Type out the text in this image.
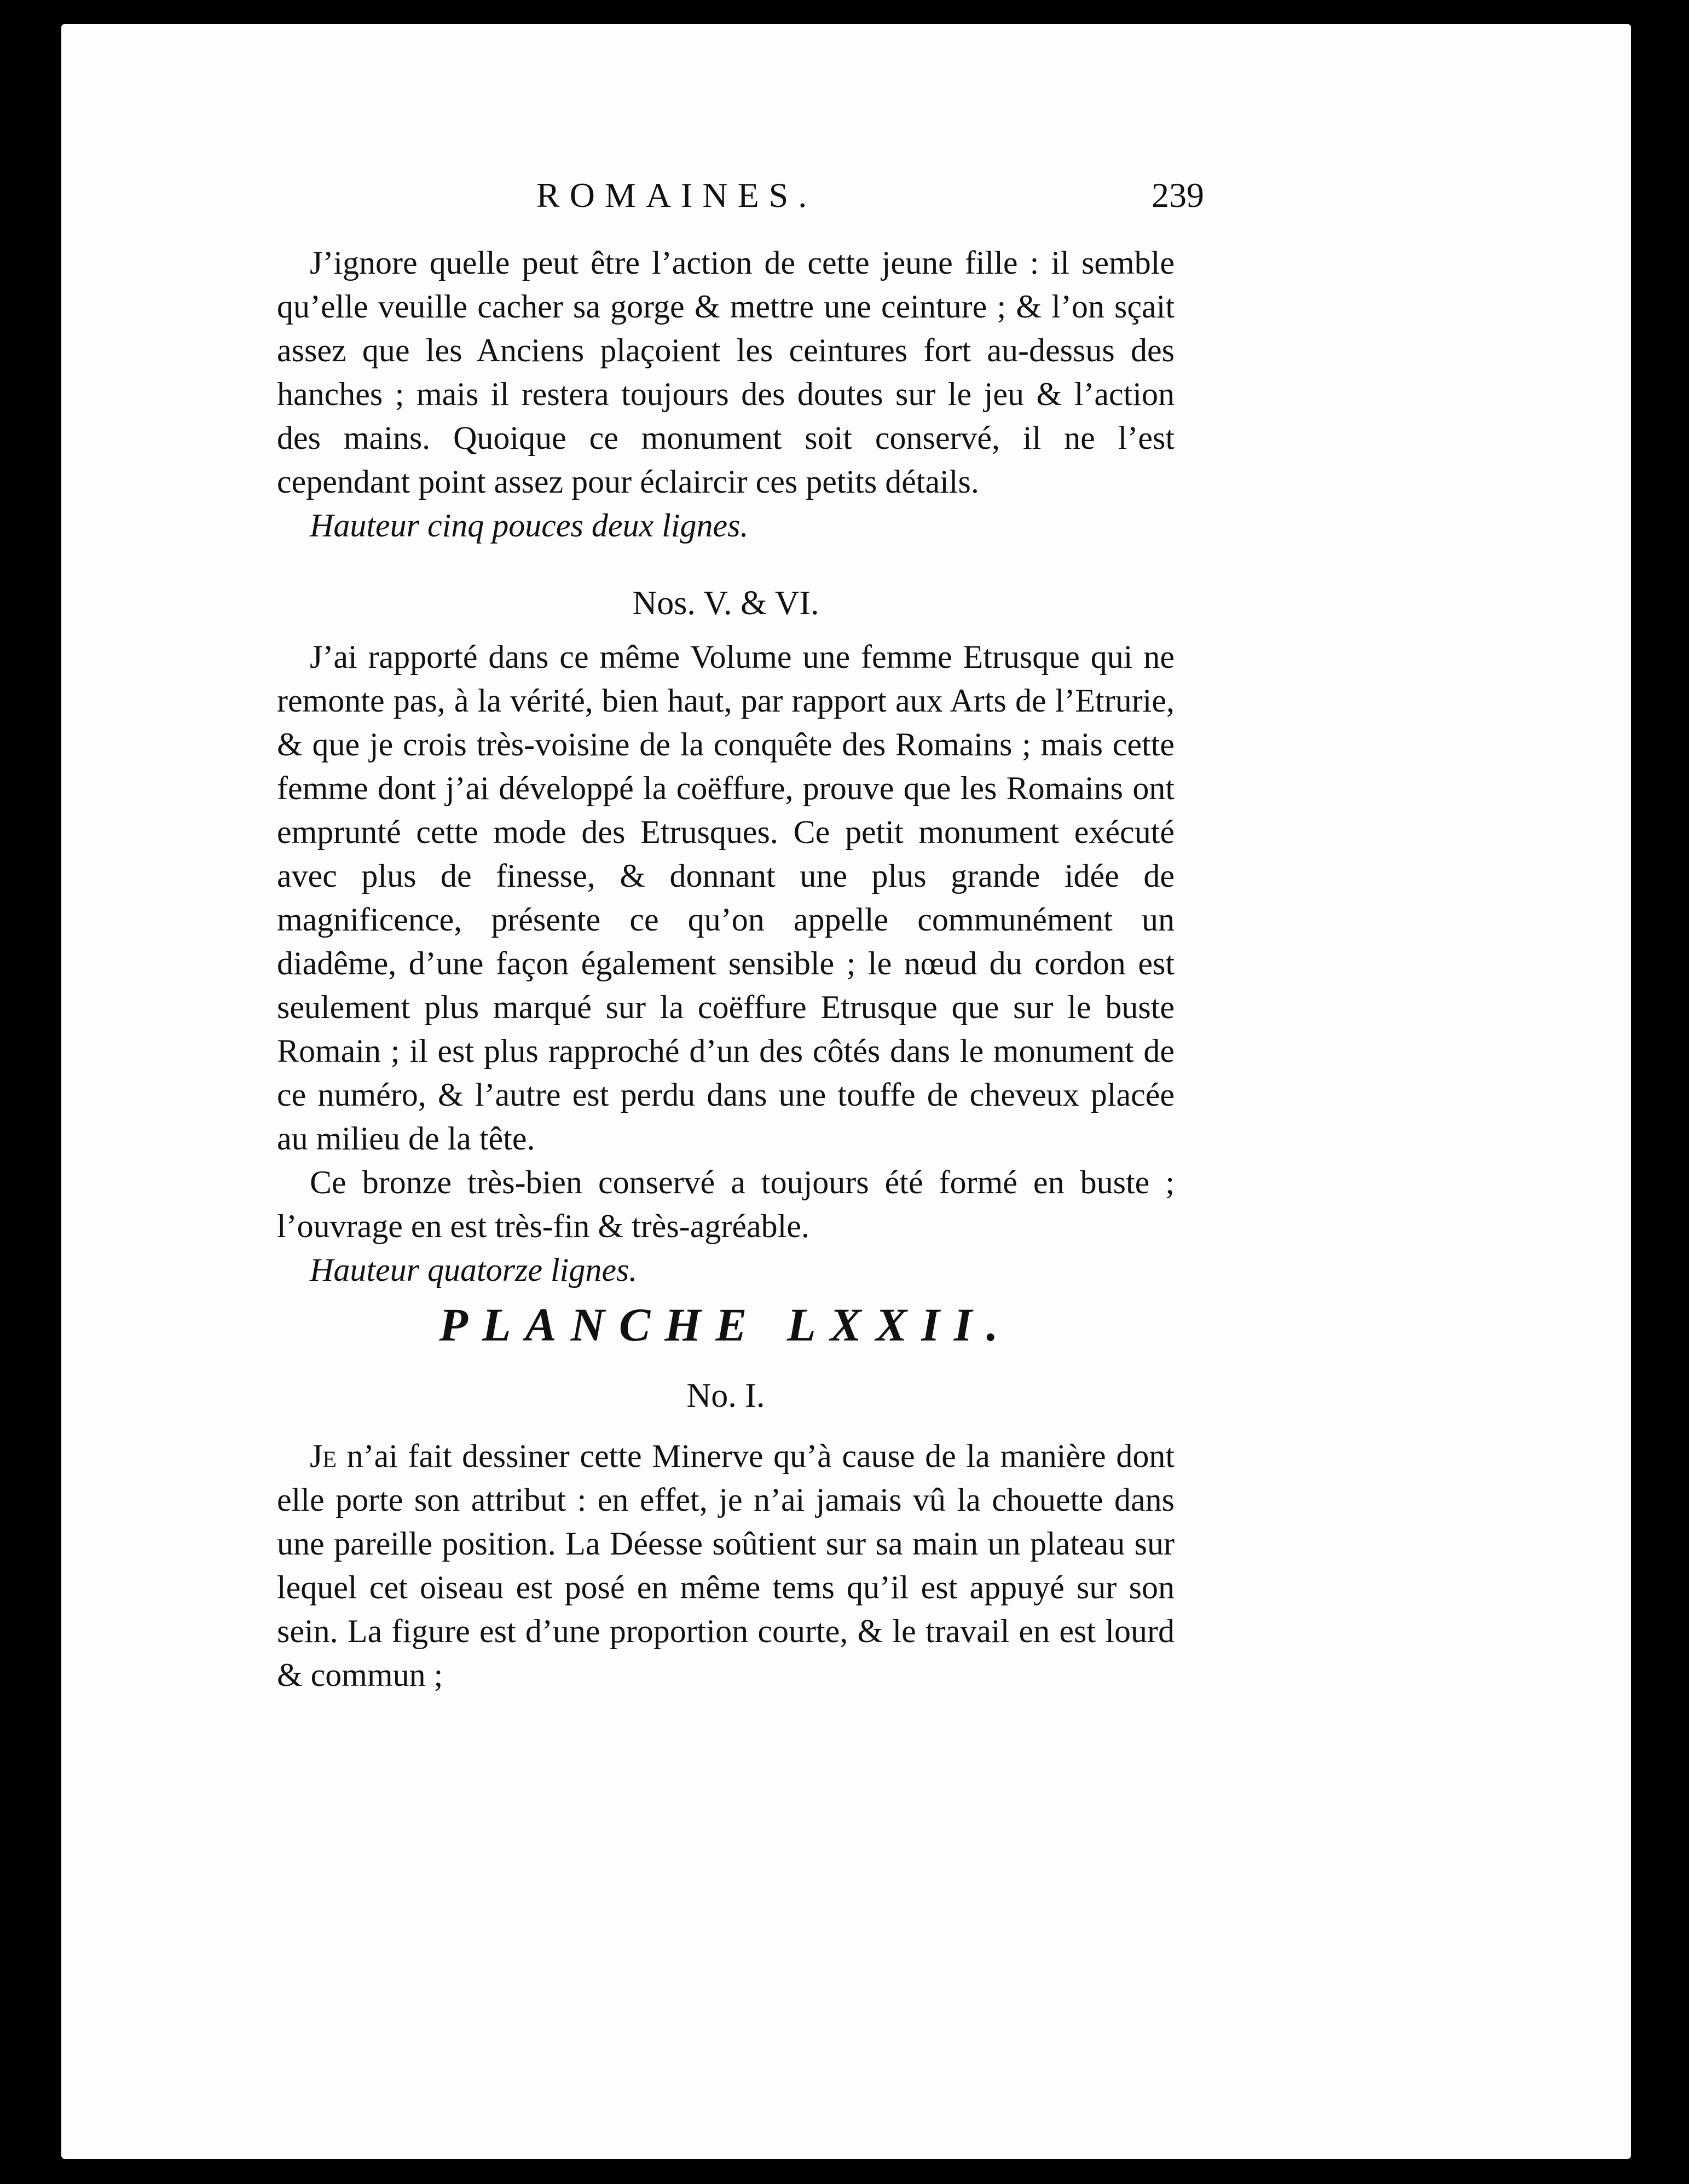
ROMAINES.	239

J’ignore quelle peut être l’action de cette jeune fille : il semble qu’elle veuille cacher sa gorge & mettre une ceinture ; & l’on sçait assez que les Anciens plaçoient les ceintures fort au-dessus des hanches ; mais il restera toujours des doutes sur le jeu & l’action des mains. Quoique ce monument soit conservé, il ne l’est cependant point assez pour éclaircir ces petits détails.

Hauteur cinq pouces deux lignes.

Nos. V. & VI.

J’ai rapporté dans ce même Volume une femme Etrusque qui ne remonte pas, à la vérité, bien haut, par rapport aux Arts de l’Etrurie, & que je crois très-voisine de la conquête des Romains ; mais cette femme dont j’ai développé la coëffure, prouve que les Romains ont emprunté cette mode des Etrusques. Ce petit monument exécuté avec plus de finesse, & donnant une plus grande idée de magnificence, présente ce qu’on appelle communément un diadême, d’une façon également sensible ; le nœud du cordon est seulement plus marqué sur la coëffure Etrusque que sur le buste Romain ; il est plus rapproché d’un des côtés dans le monument de ce numéro, & l’autre est perdu dans une touffe de cheveux placée au milieu de la tête.

Ce bronze très-bien conservé a toujours été formé en buste ; l’ouvrage en est très-fin & très-agréable.

Hauteur quatorze lignes.

PLANCHE LXXII.

No. I.

Je n’ai fait dessiner cette Minerve qu’à cause de la manière dont elle porte son attribut : en effet, je n’ai jamais vû la chouette dans une pareille position. La Déesse soûtient sur sa main un plateau sur lequel cet oiseau est posé en même tems qu’il est appuyé sur son sein. La figure est d’une proportion courte, & le travail en est lourd & commun ;
